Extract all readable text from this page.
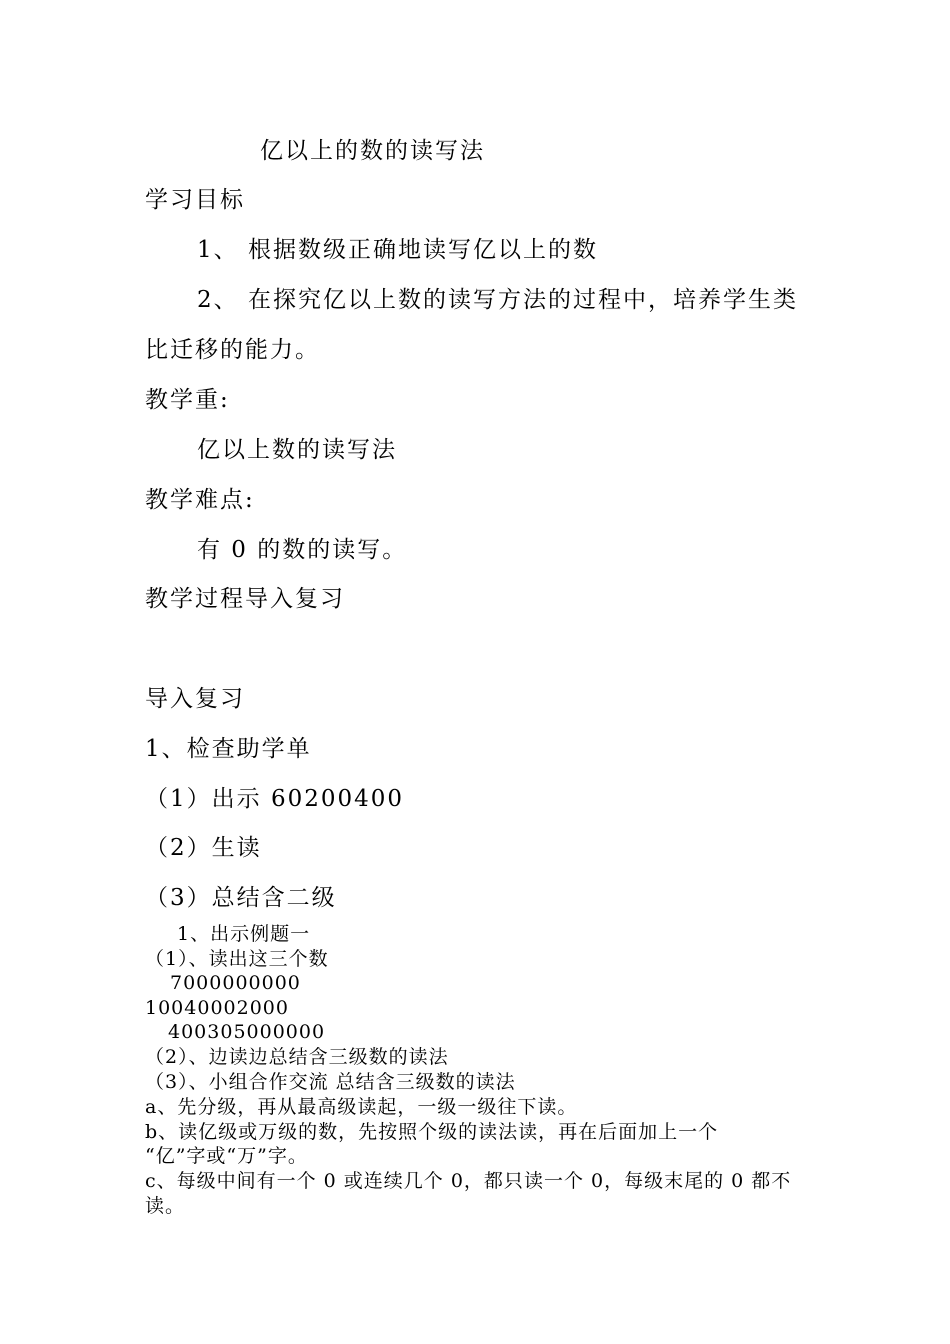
亿以上的数的读写法

学习目标

1、 根据数级正确地读写亿以上的数

2、 在探究亿以上数的读写方法的过程中，培养学生类

比迁移的能力。

教学重:

亿以上数的读写法

教学难点:

有 0 的数的读写。

教学过程导入复习

导入复习

1、检查助学单

（1）出示 60200400

（2）生读

（3）总结含二级

1、出示例题一

（1）、读出这三个数

7000000000

10040002000

400305000000

（2）、边读边总结含三级数的读法

（3）、小组合作交流 总结含三级数的读法

a、先分级，再从最高级读起，一级一级往下读。

b、读亿级或万级的数，先按照个级的读法读，再在后面加上一个

“亿”字或“万”字。

c、每级中间有一个 0 或连续几个 0，都只读一个 0，每级末尾的 0 都不

读。
